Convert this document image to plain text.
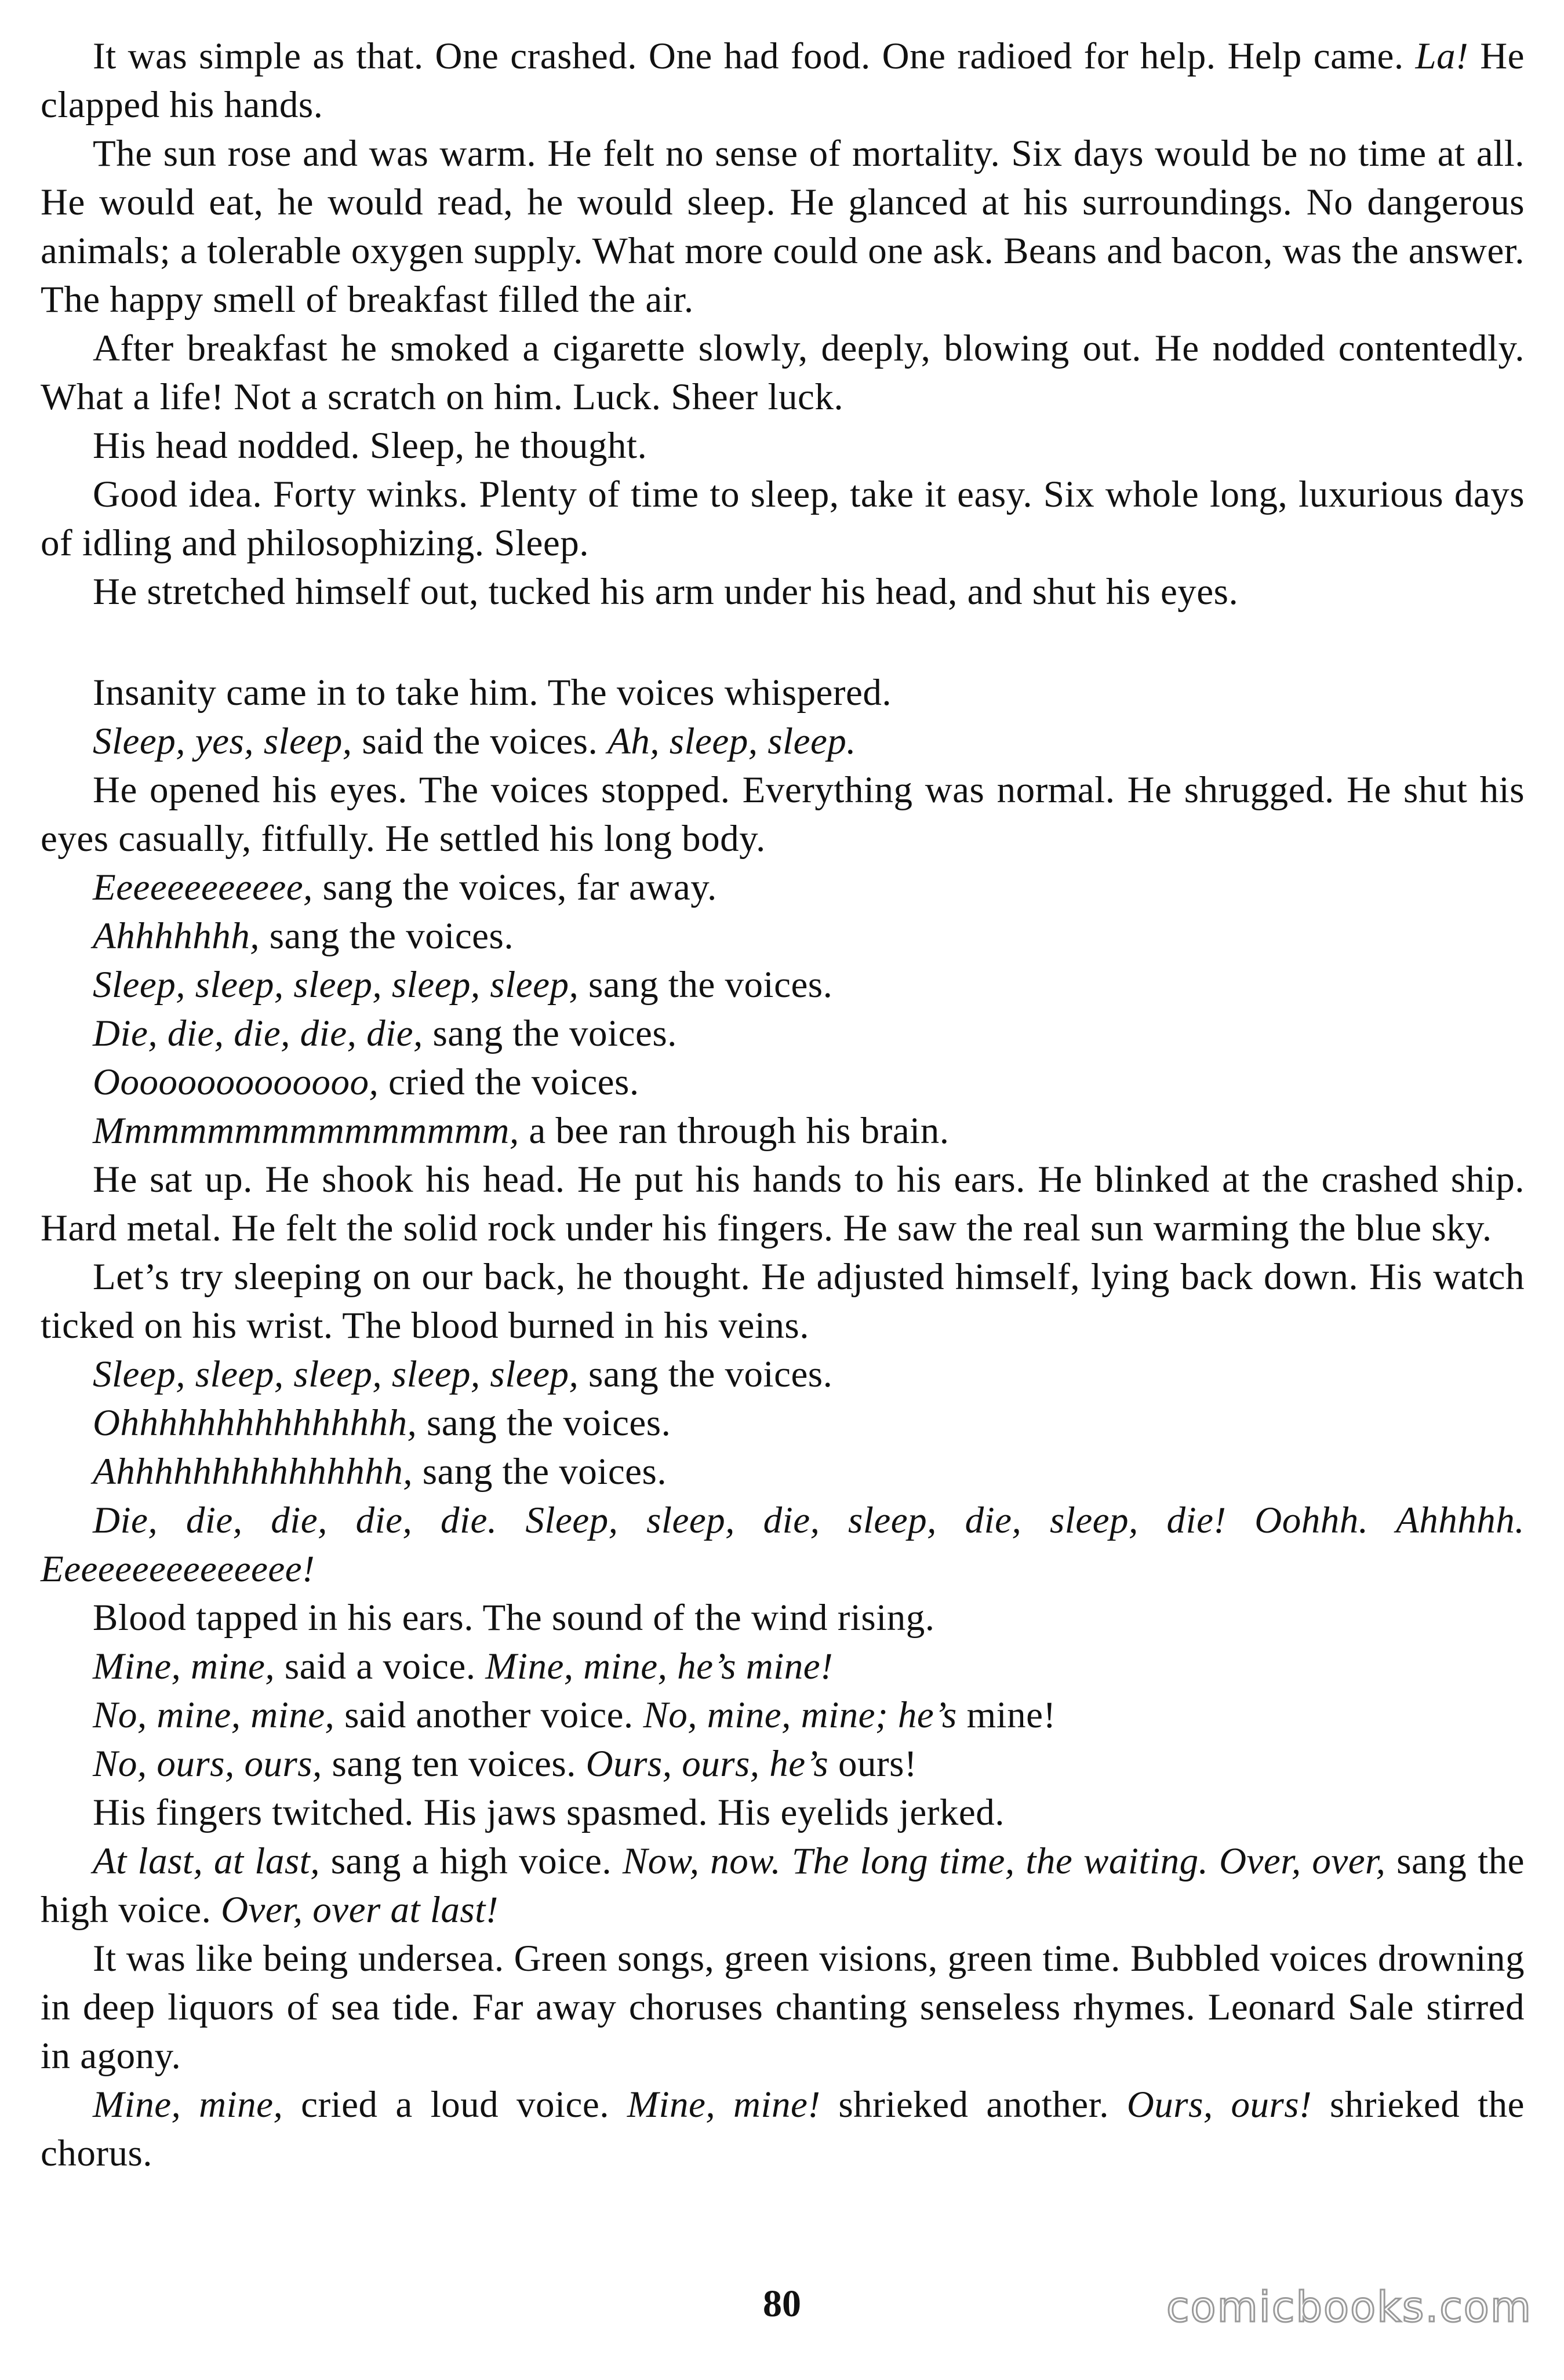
It was simple as that. One crashed. One had food. One radioed for help. Help came. La! He clapped his hands.

The sun rose and was warm. He felt no sense of mortality. Six days would be no time at all. He would eat, he would read, he would sleep. He glanced at his surroundings. No dangerous animals; a tolerable oxygen supply. What more could one ask. Beans and bacon, was the answer. The happy smell of breakfast filled the air.

After breakfast he smoked a cigarette slowly, deeply, blowing out. He nodded contentedly. What a life! Not a scratch on him. Luck. Sheer luck.

His head nodded. Sleep, he thought.

Good idea. Forty winks. Plenty of time to sleep, take it easy. Six whole long, luxurious days of idling and philosophizing. Sleep.

He stretched himself out, tucked his arm under his head, and shut his eyes.

Insanity came in to take him. The voices whispered.

Sleep, yes, sleep, said the voices. Ah, sleep, sleep.

He opened his eyes. The voices stopped. Everything was normal. He shrugged. He shut his eyes casually, fitfully. He settled his long body.

Eeeeeeeeeeee, sang the voices, far away.

Ahhhhhhh, sang the voices.

Sleep, sleep, sleep, sleep, sleep, sang the voices.

Die, die, die, die, die, sang the voices.

Oooooooooooooo, cried the voices.

Mmmmmmmmmmmmmmm, a bee ran through his brain.

He sat up. He shook his head. He put his hands to his ears. He blinked at the crashed ship. Hard metal. He felt the solid rock under his fingers. He saw the real sun warming the blue sky.

Let’s try sleeping on our back, he thought. He adjusted himself, lying back down. His watch ticked on his wrist. The blood burned in his veins.

Sleep, sleep, sleep, sleep, sleep, sang the voices.

Ohhhhhhhhhhhhhhh, sang the voices.

Ahhhhhhhhhhhhhhh, sang the voices.

Die, die, die, die, die. Sleep, sleep, die, sleep, die, sleep, die! Oohhh. Ahhhhh. Eeeeeeeeeeeeeee!

Blood tapped in his ears. The sound of the wind rising.

Mine, mine, said a voice. Mine, mine, he’s mine!

No, mine, mine, said another voice. No, mine, mine; he’s mine!

No, ours, ours, sang ten voices. Ours, ours, he’s ours!

His fingers twitched. His jaws spasmed. His eyelids jerked.

At last, at last, sang a high voice. Now, now. The long time, the waiting. Over, over, sang the high voice. Over, over at last!

It was like being undersea. Green songs, green visions, green time. Bubbled voices drowning in deep liquors of sea tide. Far away choruses chanting senseless rhymes. Leonard Sale stirred in agony.

Mine, mine, cried a loud voice. Mine, mine! shrieked another. Ours, ours! shrieked the chorus.

80	comicbooks.com
